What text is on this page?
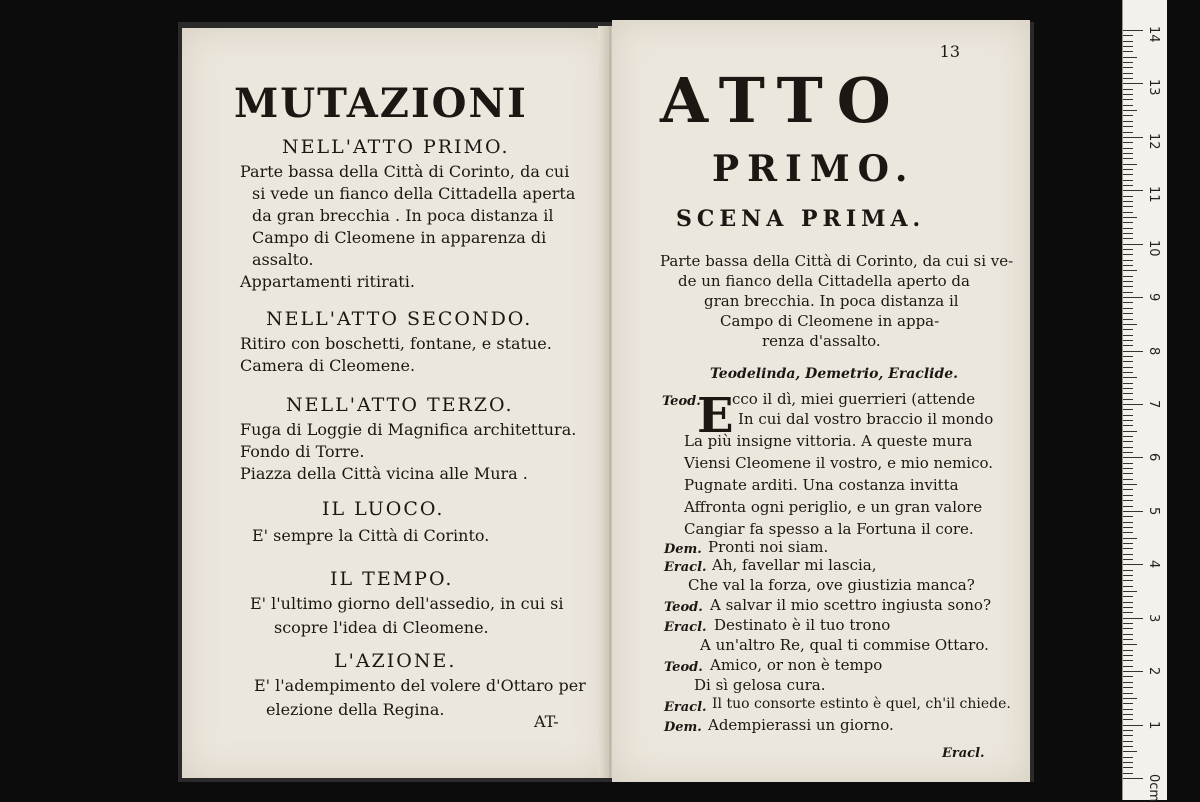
MUTAZIONI
NELL'ATTO PRIMO.
Parte bassa della Città di Corinto, da cui
si vede un fianco della Cittadella aperta
da gran brecchia . In poca distanza il
Campo di Cleomene in apparenza di
assalto.
Appartamenti ritirati.
NELL'ATTO SECONDO.
Ritiro con boschetti, fontane, e statue.
Camera di Cleomene.
NELL'ATTO TERZO.
Fuga di Loggie di Magnifica architettura.
Fondo di Torre.
Piazza della Città vicina alle Mura .
IL LUOCO.
E' sempre la Città di Corinto.
IL TEMPO.
E' l'ultimo giorno dell'assedio, in cui si
scopre l'idea di Cleomene.
L'AZIONE.
E' l'adempimento del volere d'Ottaro per
elezione della Regina.
AT-
13
ATTO
PRIMO.
SCENA PRIMA.
Parte bassa della Città di Corinto, da cui si ve-
de un fianco della Cittadella aperto da
gran brecchia. In poca distanza il
Campo di Cleomene in appa-
renza d'assalto.
Teodelinda, Demetrio, Eraclide.
E
Teod. cco il dì, miei guerrieri (attende
In cui dal vostro braccio il mondo
La più insigne vittoria. A queste mura
Viensi Cleomene il vostro, e mio nemico.
Pugnate arditi. Una costanza invitta
Affronta ogni periglio, e un gran valore
Cangiar fa spesso a la Fortuna il core.
Dem. Pronti noi siam.
Eracl. Ah, favellar mi lascia,
Che val la forza, ove giustizia manca?
Teod. A salvar il mio scettro ingiusta sono?
Eracl. Destinato è il tuo trono
A un'altro Re, qual ti commise Ottaro.
Teod. Amico, or non è tempo
Di sì gelosa cura.
Eracl. Il tuo consorte estinto è quel, ch'il chiede.
Dem. Adempierassi un giorno.
Eracl.
0cm
1
2
3
4
5
6
7
8
9
10
11
12
13
14
